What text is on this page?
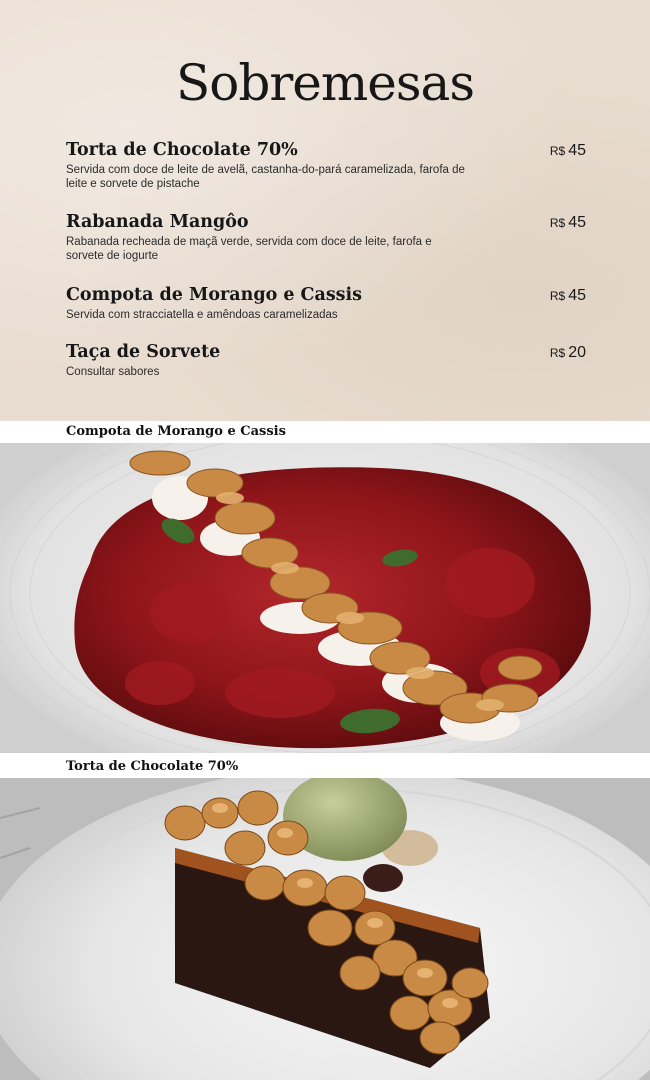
Sobremesas
Torta de Chocolate 70%
Servida com doce de leite de avelã, castanha-do-pará caramelizada, farofa de leite e sorvete de pistache
R$ 45
Rabanada Mangôo
Rabanada recheada de maçã verde, servida com doce de leite, farofa e sorvete de iogurte
R$ 45
Compota de Morango e Cassis
Servida com stracciatella e amêndoas caramelizadas
R$ 45
Taça de Sorvete
Consultar sabores
R$ 20
Compota de Morango e Cassis
Torta de Chocolate 70%
